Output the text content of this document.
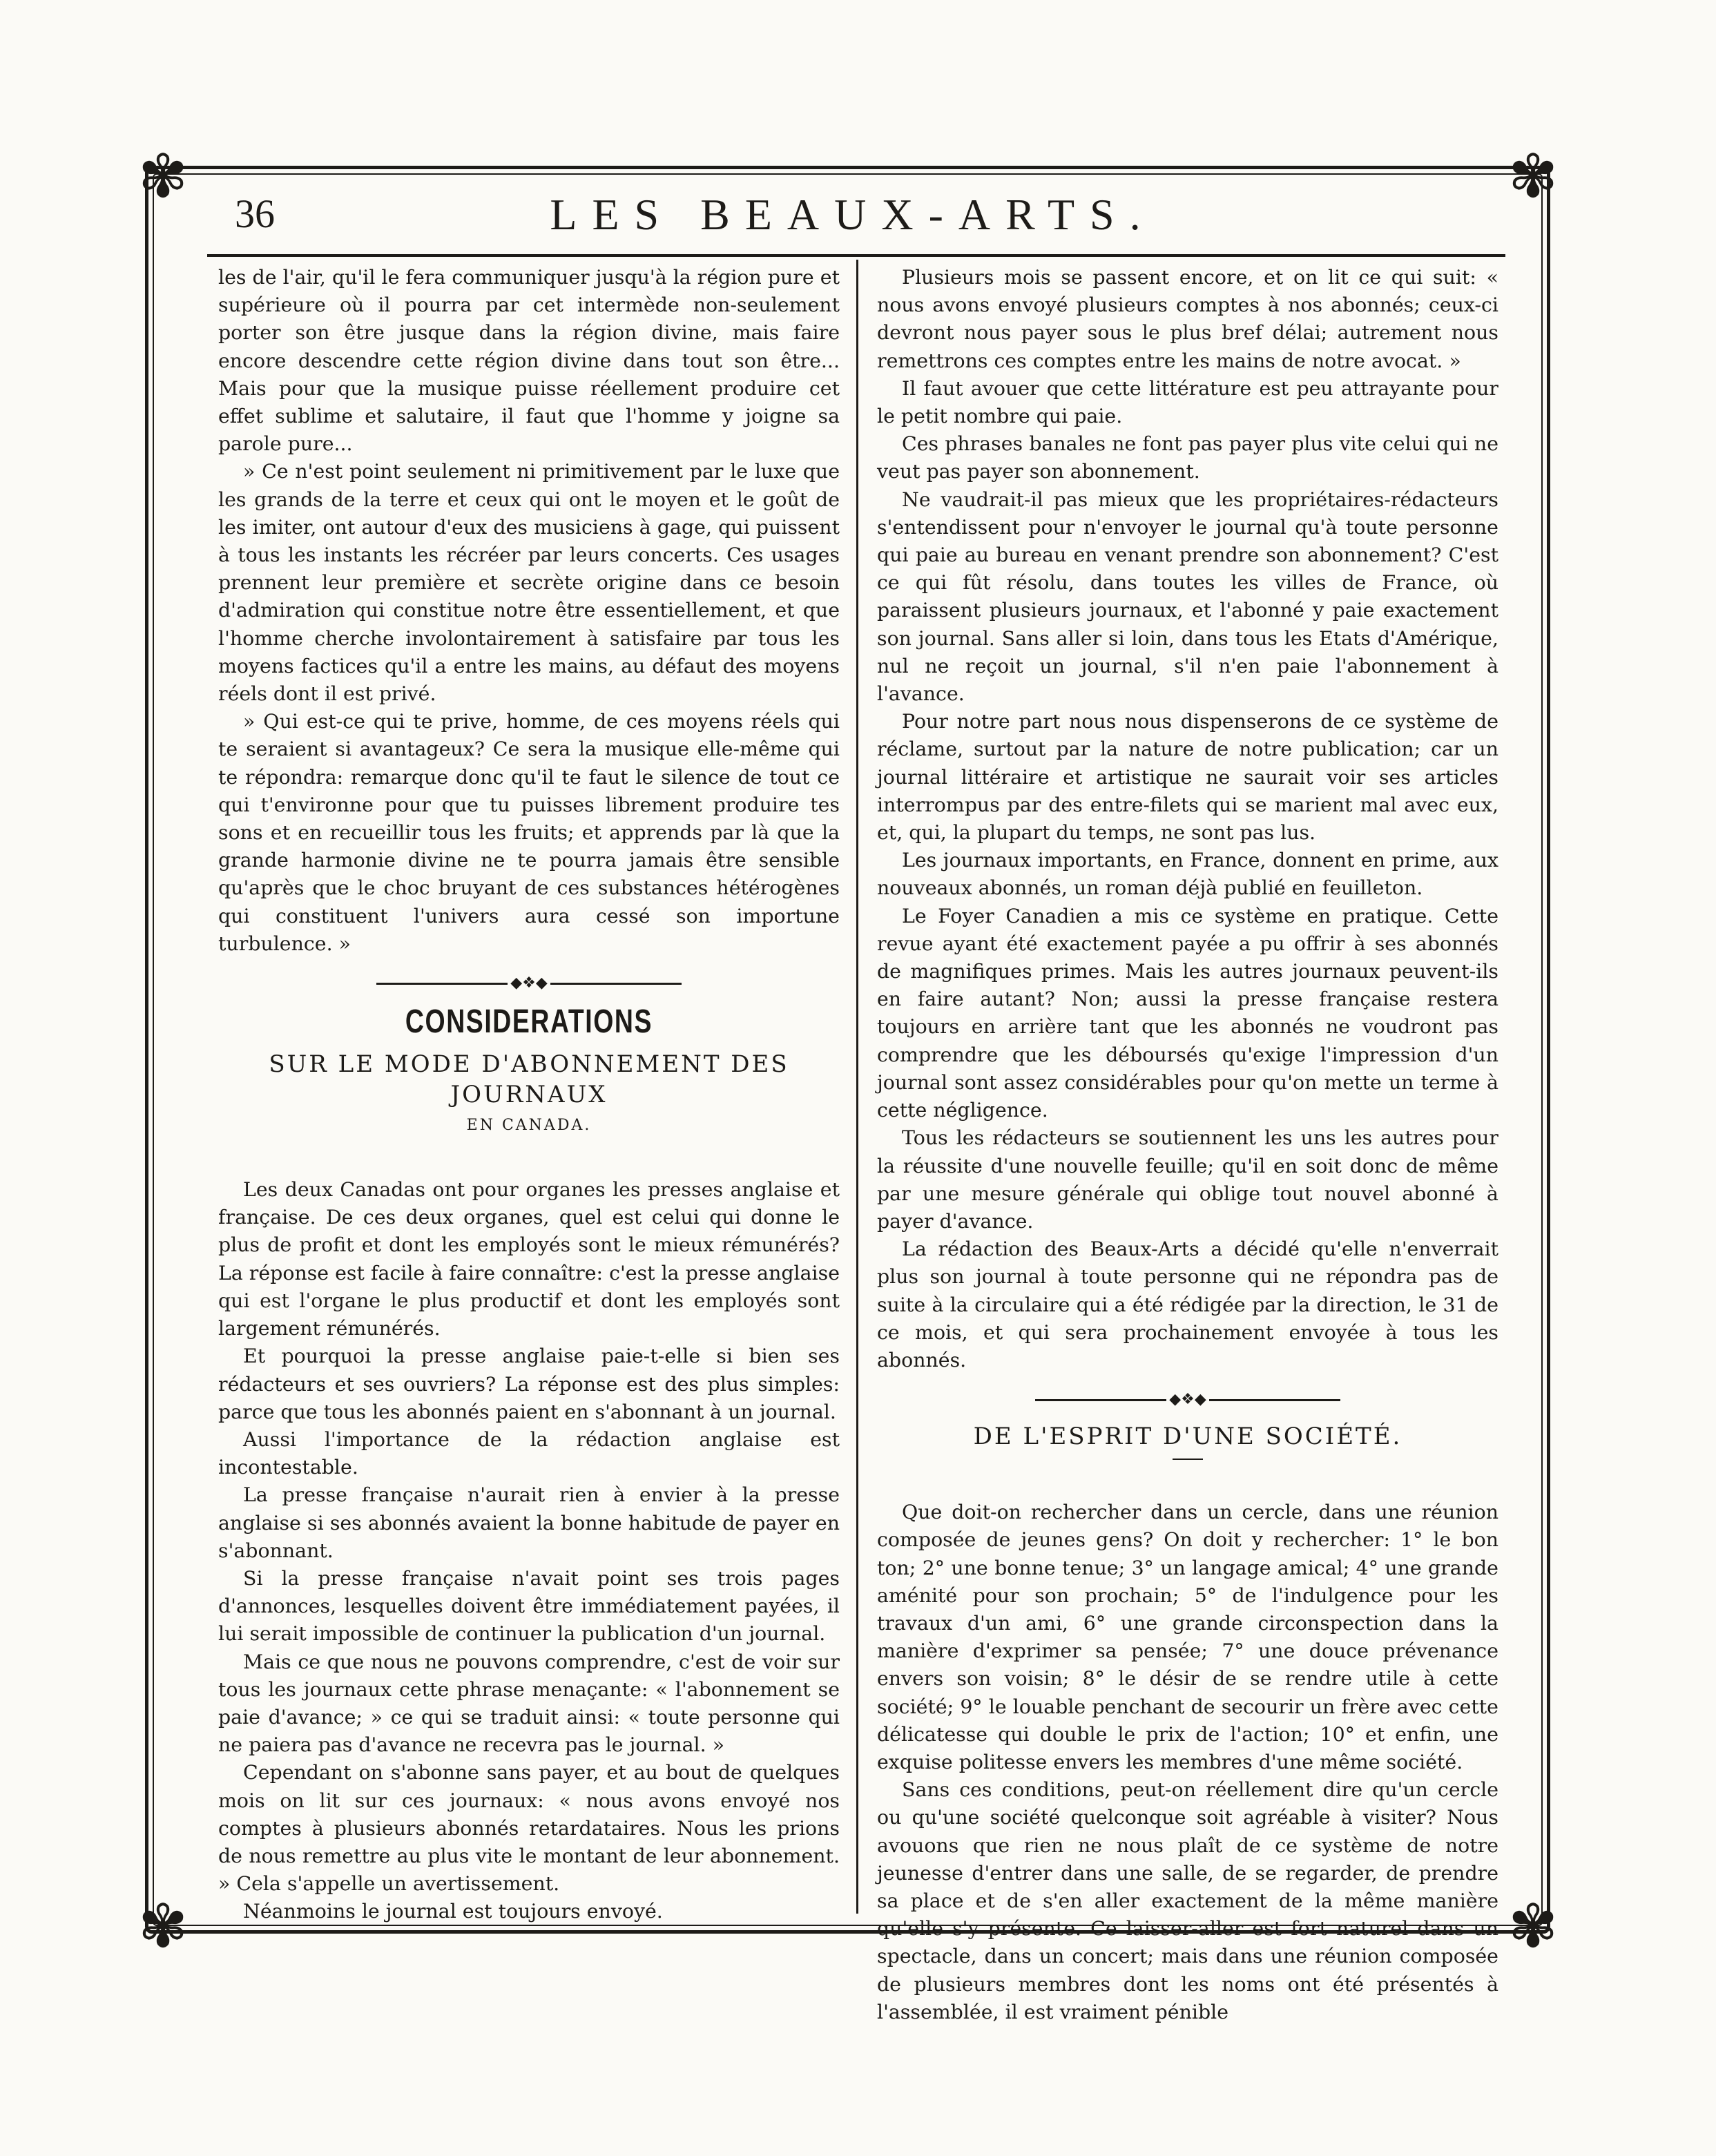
✾	✾
✾	✾
36	LES BEAUX-ARTS.

les de l'air, qu'il le fera communiquer jusqu'à la région pure et supérieure où il pourra par cet intermède non-seulement porter son être jusque dans la région divine, mais faire encore descendre cette région divine dans tout son être... Mais pour que la musique puisse réellement produire cet effet sublime et salutaire, il faut que l'homme y joigne sa parole pure...

» Ce n'est point seulement ni primitivement par le luxe que les grands de la terre et ceux qui ont le moyen et le goût de les imiter, ont autour d'eux des musiciens à gage, qui puissent à tous les instants les récréer par leurs concerts. Ces usages prennent leur première et secrète origine dans ce besoin d'admiration qui constitue notre être essentiellement, et que l'homme cherche involontairement à satisfaire par tous les moyens factices qu'il a entre les mains, au défaut des moyens réels dont il est privé.

» Qui est-ce qui te prive, homme, de ces moyens réels qui te seraient si avantageux? Ce sera la musique elle-même qui te répondra: remarque donc qu'il te faut le silence de tout ce qui t'environne pour que tu puisses librement produire tes sons et en recueillir tous les fruits; et apprends par là que la grande harmonie divine ne te pourra jamais être sensible qu'après que le choc bruyant de ces substances hétérogènes qui constituent l'univers aura cessé son importune turbulence. »

◆❖◆
CONSIDERATIONS
SUR LE MODE D'ABONNEMENT DES JOURNAUX
EN CANADA.

Les deux Canadas ont pour organes les presses anglaise et française. De ces deux organes, quel est celui qui donne le plus de profit et dont les employés sont le mieux rémunérés? La réponse est facile à faire connaître: c'est la presse anglaise qui est l'organe le plus productif et dont les employés sont largement rémunérés.

Et pourquoi la presse anglaise paie-t-elle si bien ses rédacteurs et ses ouvriers? La réponse est des plus simples: parce que tous les abonnés paient en s'abonnant à un journal.

Aussi l'importance de la rédaction anglaise est incontestable.

La presse française n'aurait rien à envier à la presse anglaise si ses abonnés avaient la bonne habitude de payer en s'abonnant.

Si la presse française n'avait point ses trois pages d'annonces, lesquelles doivent être immédiatement payées, il lui serait impossible de continuer la publication d'un journal.

Mais ce que nous ne pouvons comprendre, c'est de voir sur tous les journaux cette phrase menaçante: « l'abonnement se paie d'avance; » ce qui se traduit ainsi: « toute personne qui ne paiera pas d'avance ne recevra pas le journal. »

Cependant on s'abonne sans payer, et au bout de quelques mois on lit sur ces journaux: « nous avons envoyé nos comptes à plusieurs abonnés retardataires. Nous les prions de nous remettre au plus vite le montant de leur abonnement. » Cela s'appelle un avertissement.

Néanmoins le journal est toujours envoyé.

Plusieurs mois se passent encore, et on lit ce qui suit: « nous avons envoyé plusieurs comptes à nos abonnés; ceux-ci devront nous payer sous le plus bref délai; autrement nous remettrons ces comptes entre les mains de notre avocat. »

Il faut avouer que cette littérature est peu attrayante pour le petit nombre qui paie.

Ces phrases banales ne font pas payer plus vite celui qui ne veut pas payer son abonnement.

Ne vaudrait-il pas mieux que les propriétaires-rédacteurs s'entendissent pour n'envoyer le journal qu'à toute personne qui paie au bureau en venant prendre son abonnement? C'est ce qui fût résolu, dans toutes les villes de France, où paraissent plusieurs journaux, et l'abonné y paie exactement son journal. Sans aller si loin, dans tous les Etats d'Amérique, nul ne reçoit un journal, s'il n'en paie l'abonnement à l'avance.

Pour notre part nous nous dispenserons de ce système de réclame, surtout par la nature de notre publication; car un journal littéraire et artistique ne saurait voir ses articles interrompus par des entre-filets qui se marient mal avec eux, et, qui, la plupart du temps, ne sont pas lus.

Les journaux importants, en France, donnent en prime, aux nouveaux abonnés, un roman déjà publié en feuilleton.

Le Foyer Canadien a mis ce système en pratique. Cette revue ayant été exactement payée a pu offrir à ses abonnés de magnifiques primes. Mais les autres journaux peuvent-ils en faire autant? Non; aussi la presse française restera toujours en arrière tant que les abonnés ne voudront pas comprendre que les déboursés qu'exige l'impression d'un journal sont assez considérables pour qu'on mette un terme à cette négligence.

Tous les rédacteurs se soutiennent les uns les autres pour la réussite d'une nouvelle feuille; qu'il en soit donc de même par une mesure générale qui oblige tout nouvel abonné à payer d'avance.

La rédaction des Beaux-Arts a décidé qu'elle n'enverrait plus son journal à toute personne qui ne répondra pas de suite à la circulaire qui a été rédigée par la direction, le 31 de ce mois, et qui sera prochainement envoyée à tous les abonnés.

◆❖◆
DE L'ESPRIT D'UNE SOCIÉTÉ.

Que doit-on rechercher dans un cercle, dans une réunion composée de jeunes gens? On doit y rechercher: 1° le bon ton; 2° une bonne tenue; 3° un langage amical; 4° une grande aménité pour son prochain; 5° de l'indulgence pour les travaux d'un ami, 6° une grande circonspection dans la manière d'exprimer sa pensée; 7° une douce prévenance envers son voisin; 8° le désir de se rendre utile à cette société; 9° le louable penchant de secourir un frère avec cette délicatesse qui double le prix de l'action; 10° et enfin, une exquise politesse envers les membres d'une même société.

Sans ces conditions, peut-on réellement dire qu'un cercle ou qu'une société quelconque soit agréable à visiter? Nous avouons que rien ne nous plaît de ce système de notre jeunesse d'entrer dans une salle, de se regarder, de prendre sa place et de s'en aller exactement de la même manière qu'elle s'y présente. Ce laisser-aller est fort naturel dans un spectacle, dans un concert; mais dans une réunion composée de plusieurs membres dont les noms ont été présentés à l'assemblée, il est vraiment pénible
